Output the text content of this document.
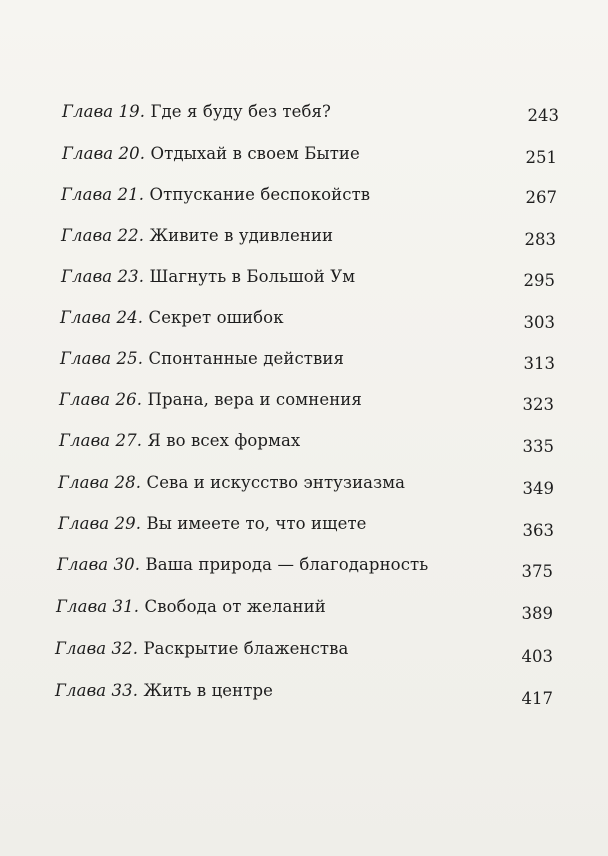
Глава 19. Где я буду без тебя?	243
Глава 20. Отдыхай в своем Бытие	251
Глава 21. Отпускание беспокойств	267
Глава 22. Живите в удивлении	283
Глава 23. Шагнуть в Большой Ум	295
Глава 24. Секрет ошибок	303
Глава 25. Спонтанные действия	313
Глава 26. Прана, вера и сомнения	323
Глава 27. Я во всех формах	335
Глава 28. Сева и искусство энтузиазма	349
Глава 29. Вы имеете то, что ищете	363
Глава 30. Ваша природа — благодарность	375
Глава 31. Свобода от желаний	389
Глава 32. Раскрытие блаженства	403
Глава 33. Жить в центре	417
